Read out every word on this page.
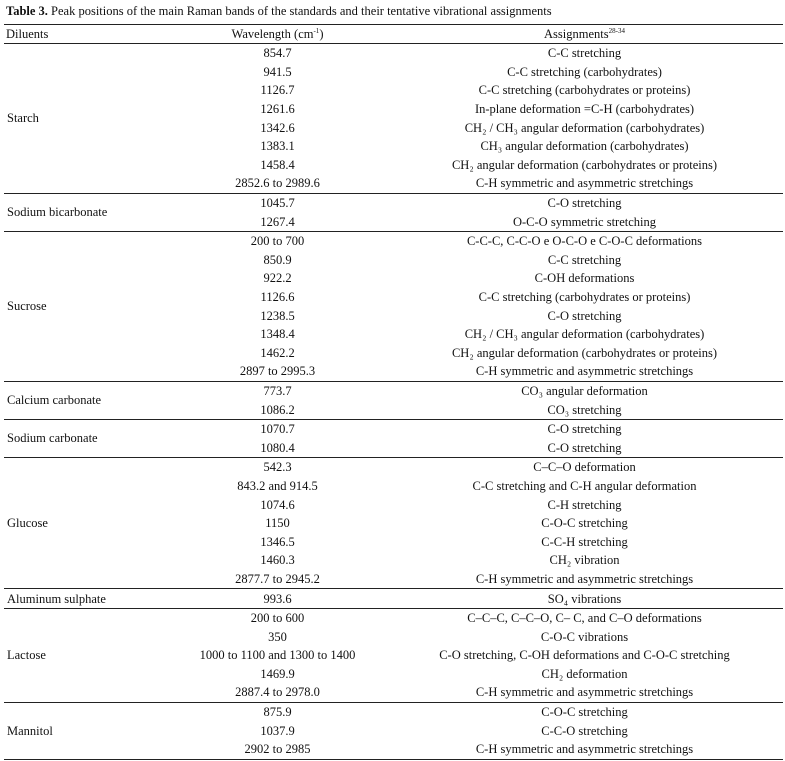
Table 3. Peak positions of the main Raman bands of the standards and their tentative vibrational assignments
Diluents	Wavelength $(cm^{-1})$	Assignments$^{28-34}$
Starch	854.7	C-C stretching
	941.5	C-C stretching (carbohydrates)
	1126.7	C-C stretching (carbohydrates or proteins)
	1261.6	In-plane deformation =C-H (carbohydrates)
	1342.6	CH₂ / CH₃ angular deformation (carbohydrates)
	1383.1	CH₃ angular deformation (carbohydrates)
	1458.4	CH₂ angular deformation (carbohydrates or proteins)
	2852.6 to 2989.6	C-H symmetric and asymmetric stretchings
Sodium bicarbonate	1045.7	C-O stretching
	1267.4	O-C-O symmetric stretching
Sucrose	200 to 700	C-C-C, C-C-O e O-C-O e C-O-C deformations
	850.9	C-C stretching
	922.2	C-OH deformations
	1126.6	C-C stretching (carbohydrates or proteins)
	1238.5	C-O stretching
	1348.4	CH₂ / CH₃ angular deformation (carbohydrates)
	1462.2	CH₂ angular deformation (carbohydrates or proteins)
	2897 to 2995.3	C-H symmetric and asymmetric stretchings
Calcium carbonate	773.7	CO₃ angular deformation
	1086.2	CO₃ stretching
Sodium carbonate	1070.7	C-O stretching
	1080.4	C-O stretching
Glucose	542.3	C–C–O deformation
	843.2 and 914.5	C-C stretching and C-H angular deformation
	1074.6	C-H stretching
	1150	C-O-C stretching
	1346.5	C-C-H stretching
	1460.3	CH₂ vibration
	2877.7 to 2945.2	C-H symmetric and asymmetric stretchings
Aluminum sulphate	993.6	SO₄ vibrations
Lactose	200 to 600	C–C–C, C–C–O, C– C, and C–O deformations
	350	C-O-C vibrations
	1000 to 1100 and 1300 to 1400	C-O stretching, C-OH deformations and C-O-C stretching
	1469.9	CH₂ deformation
	2887.4 to 2978.0	C-H symmetric and asymmetric stretchings
Mannitol	875.9	C-O-C stretching
	1037.9	C-C-O stretching
	2902 to 2985	C-H symmetric and asymmetric stretchings
